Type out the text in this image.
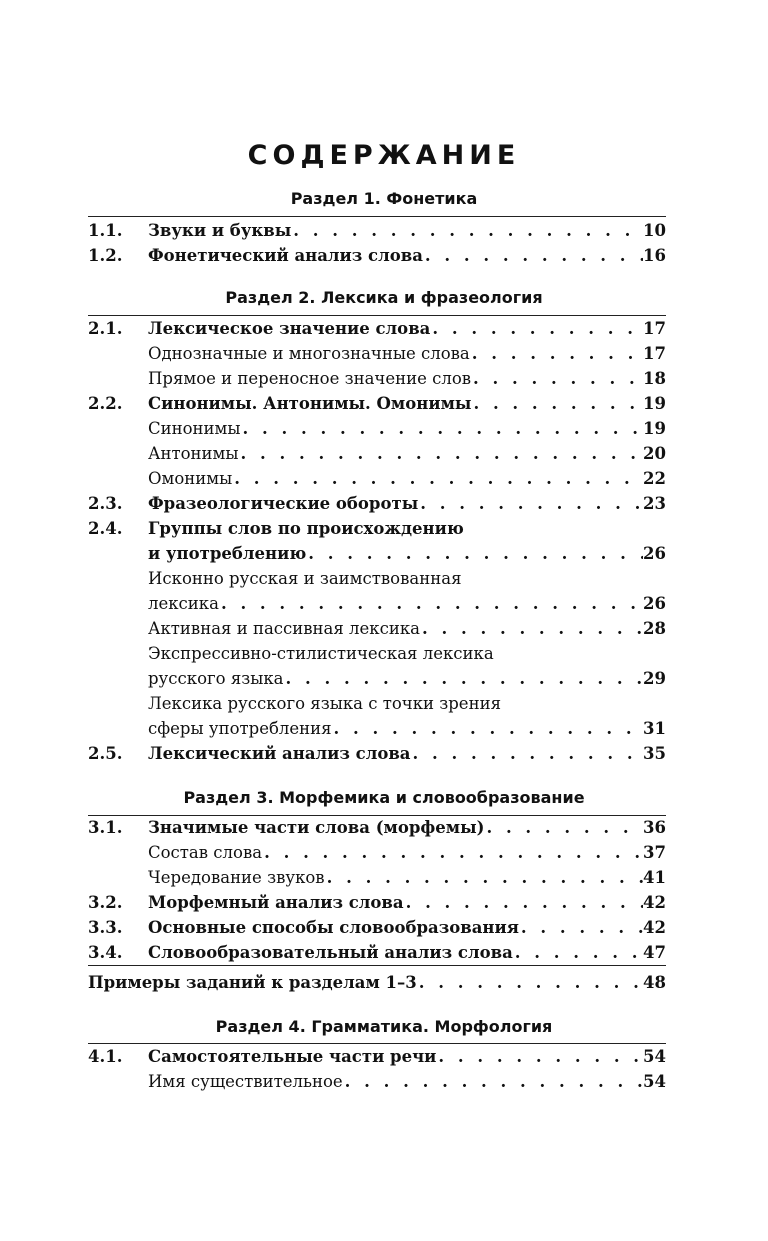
СОДЕРЖАНИЕ
Раздел 1. Фонетика
1.1.	Звуки и буквы . . .	10
1.2.	Фонетический анализ слова . . .	16
Раздел 2. Лексика и фразеология
2.1.	Лексическое значение слова . . .	17
Однозначные и многозначные слова . . .	17
Прямое и переносное значение слов . . .	18
2.2.	Синонимы. Антонимы. Омонимы . . .	19
Синонимы . . .	19
Антонимы . . .	20
Омонимы . . .	22
2.3.	Фразеологические обороты . . .	23
2.4.	Группы слов по происхождению
и употреблению . . .	26
Исконно русская и заимствованная
лексика . . .	26
Активная и пассивная лексика . . .	28
Экспрессивно-стилистическая лексика
русского языка . . .	29
Лексика русского языка с точки зрения
сферы употребления . . .	31
2.5.	Лексический анализ слова . . .	35
Раздел 3. Морфемика и словообразование
3.1.	Значимые части слова (морфемы) . . .	36
Состав слова . . .	37
Чередование звуков . . .	41
3.2.	Морфемный анализ слова . . .	42
3.3.	Основные способы словообразования . . .	42
3.4.	Словообразовательный анализ слова . . .	47
Примеры заданий к разделам 1–3 . . .	48
Раздел 4. Грамматика. Морфология
4.1.	Самостоятельные части речи . . .	54
Имя существительное . . .	54
